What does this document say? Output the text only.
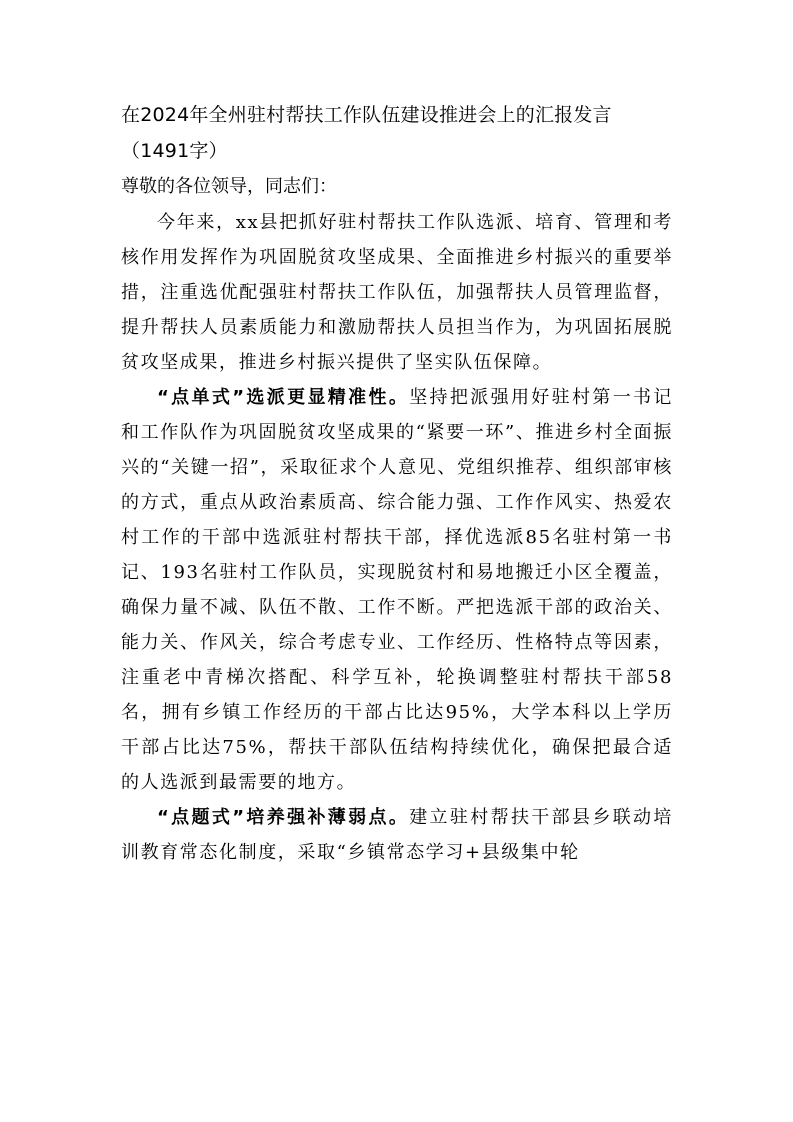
在2024年全州驻村帮扶工作队伍建设推进会上的汇报发言（1491字）

尊敬的各位领导，同志们：

今年来，xx县把抓好驻村帮扶工作队选派、培育、管理和考核作用发挥作为巩固脱贫攻坚成果、全面推进乡村振兴的重要举措，注重选优配强驻村帮扶工作队伍，加强帮扶人员管理监督，提升帮扶人员素质能力和激励帮扶人员担当作为，为巩固拓展脱贫攻坚成果，推进乡村振兴提供了坚实队伍保障。

“点单式”选派更显精准性。坚持把派强用好驻村第一书记和工作队作为巩固脱贫攻坚成果的“紧要一环”、推进乡村全面振兴的“关键一招”，采取征求个人意见、党组织推荐、组织部审核的方式，重点从政治素质高、综合能力强、工作作风实、热爱农村工作的干部中选派驻村帮扶干部，择优选派85名驻村第一书记、193名驻村工作队员，实现脱贫村和易地搬迁小区全覆盖，确保力量不减、队伍不散、工作不断。严把选派干部的政治关、能力关、作风关，综合考虑专业、工作经历、性格特点等因素，注重老中青梯次搭配、科学互补，轮换调整驻村帮扶干部58名，拥有乡镇工作经历的干部占比达95%，大学本科以上学历干部占比达75%，帮扶干部队伍结构持续优化，确保把最合适的人选派到最需要的地方。

“点题式”培养强补薄弱点。建立驻村帮扶干部县乡联动培训教育常态化制度，采取“乡镇常态学习+县级集中轮
